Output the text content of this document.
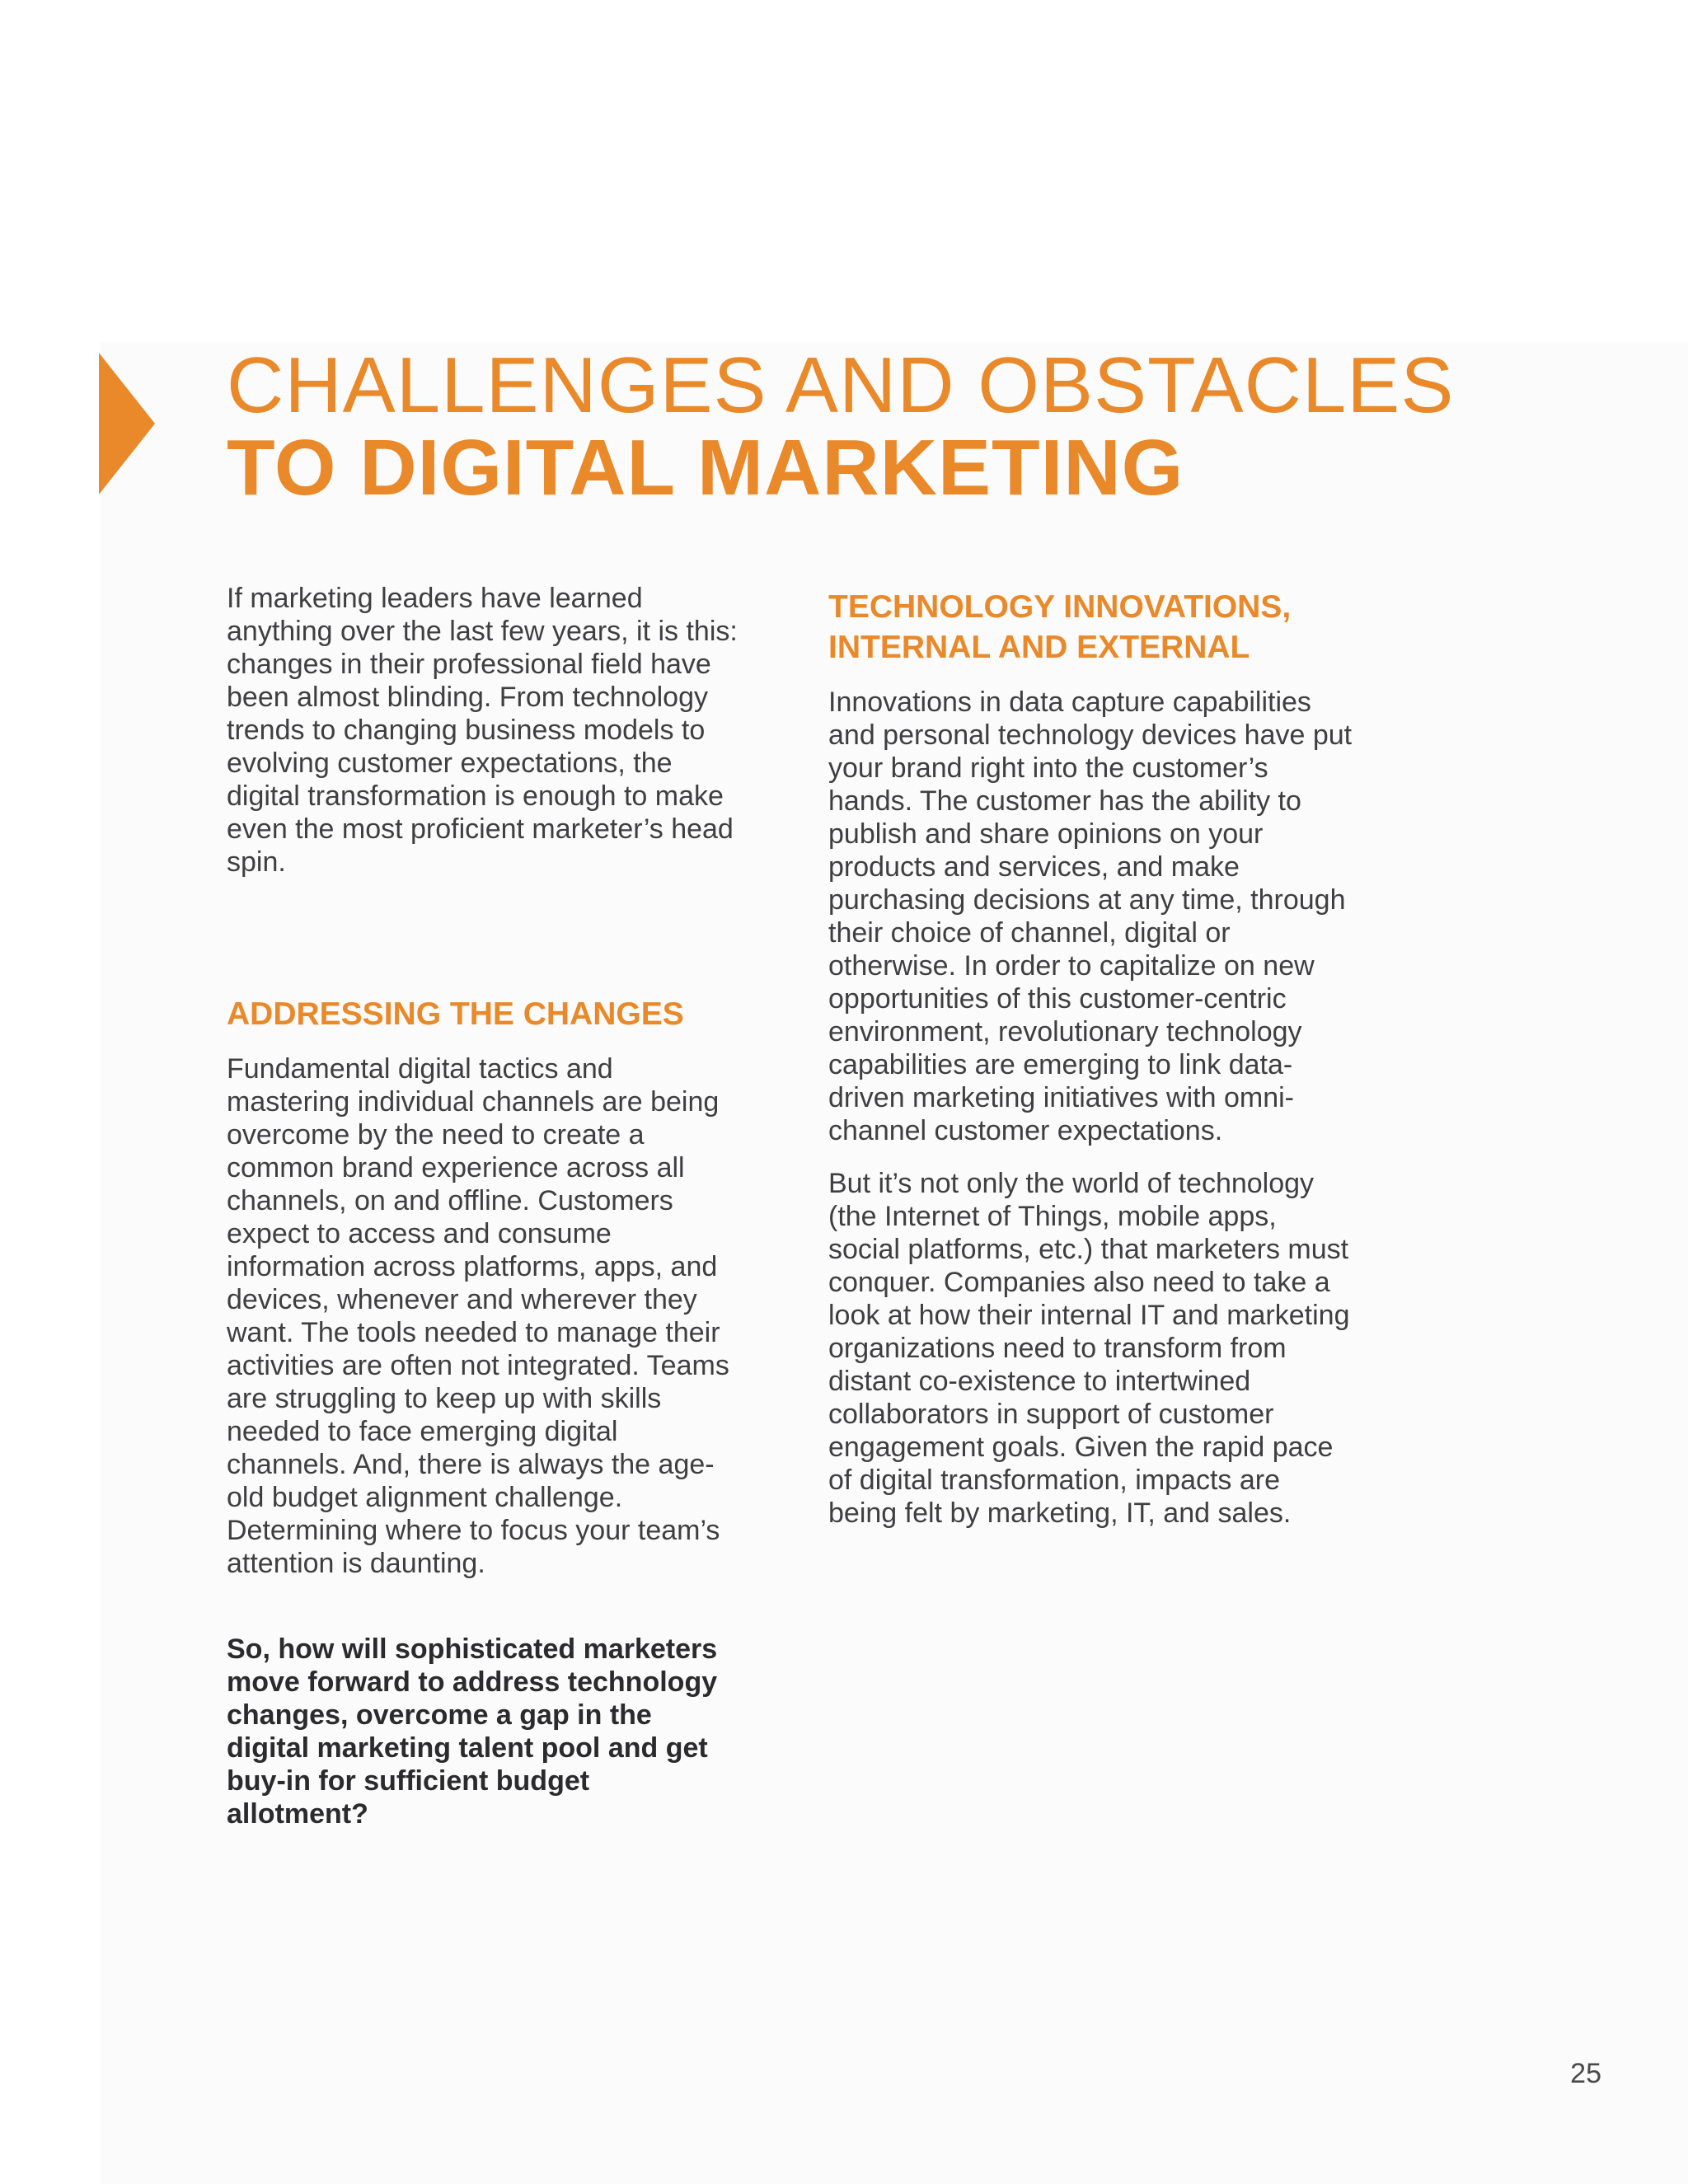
CHALLENGES AND OBSTACLES
TO DIGITAL MARKETING

If marketing leaders have learned anything over the last few years, it is this: changes in their professional field have been almost blinding. From technology trends to changing business models to evolving customer expectations, the digital transformation is enough to make even the most proficient marketer’s head spin.

ADDRESSING THE CHANGES

Fundamental digital tactics and mastering individual channels are being overcome by the need to create a common brand experience across all channels, on and offline. Customers expect to access and consume information across platforms, apps, and devices, whenever and wherever they want. The tools needed to manage their activities are often not integrated. Teams are struggling to keep up with skills needed to face emerging digital channels. And, there is always the age-old budget alignment challenge. Determining where to focus your team’s attention is daunting.

So, how will sophisticated marketers move forward to address technology changes, overcome a gap in the digital marketing talent pool and get buy-in for sufficient budget allotment?

TECHNOLOGY INNOVATIONS, INTERNAL AND EXTERNAL

Innovations in data capture capabilities and personal technology devices have put your brand right into the customer’s hands. The customer has the ability to publish and share opinions on your products and services, and make purchasing decisions at any time, through their choice of channel, digital or otherwise. In order to capitalize on new opportunities of this customer-centric environment, revolutionary technology capabilities are emerging to link data-driven marketing initiatives with omni-channel customer expectations.

But it’s not only the world of technology (the Internet of Things, mobile apps, social platforms, etc.) that marketers must conquer. Companies also need to take a look at how their internal IT and marketing organizations need to transform from distant co-existence to intertwined collaborators in support of customer engagement goals. Given the rapid pace of digital transformation, impacts are being felt by marketing, IT, and sales.

25
